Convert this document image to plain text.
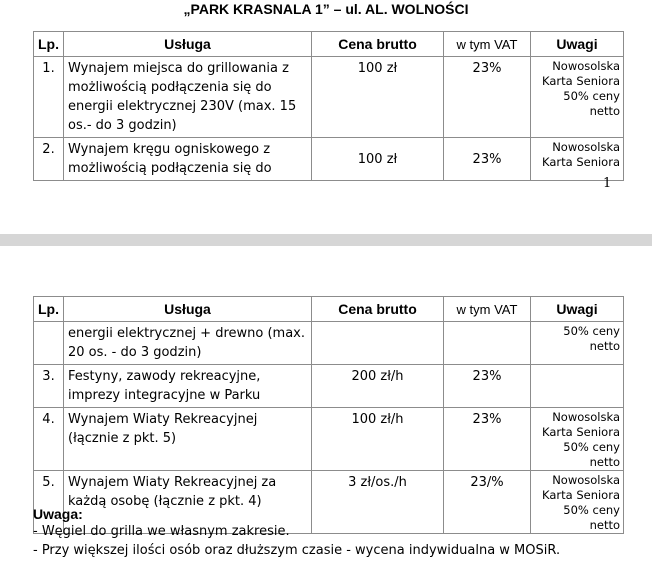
„PARK KRASNALA 1” – ul. AL. WOLNOŚCI
Lp.	Usługa	Cena brutto	w tym VAT	Uwagi
1.	Wynajem miejsca do grillowania z możliwością podłączenia się do energii elektrycznej 230V (max. 15 os.- do 3 godzin)	100 zł	23%	Nowosolska
Karta Seniora
50% ceny netto

2.	Wynajem kręgu ogniskowego z możliwością podłączenia się do	100 zł	23%	Nowosolska
Karta Seniora
1
Lp.	Usługa	Cena brutto	w tym VAT	Uwagi
	energii elektrycznej + drewno (max. 20 os. - do 3 godzin)			50% ceny netto

3.	Festyny, zawody rekreacyjne, imprezy integracyjne w Parku	200 zł/h	23%	
4.	Wynajem Wiaty Rekreacyjnej (łącznie z pkt. 5)	100 zł/h	23%	Nowosolska
Karta Seniora
50% ceny netto

5.	Wynajem Wiaty Rekreacyjnej za każdą osobę (łącznie z pkt. 4)	3 zł/os./h	23/%	Nowosolska
Karta Seniora
50% ceny netto
Uwaga:
- Węgiel do grilla we własnym zakresie.
- Przy większej ilości osób oraz dłuższym czasie - wycena indywidualna w MOSiR.
